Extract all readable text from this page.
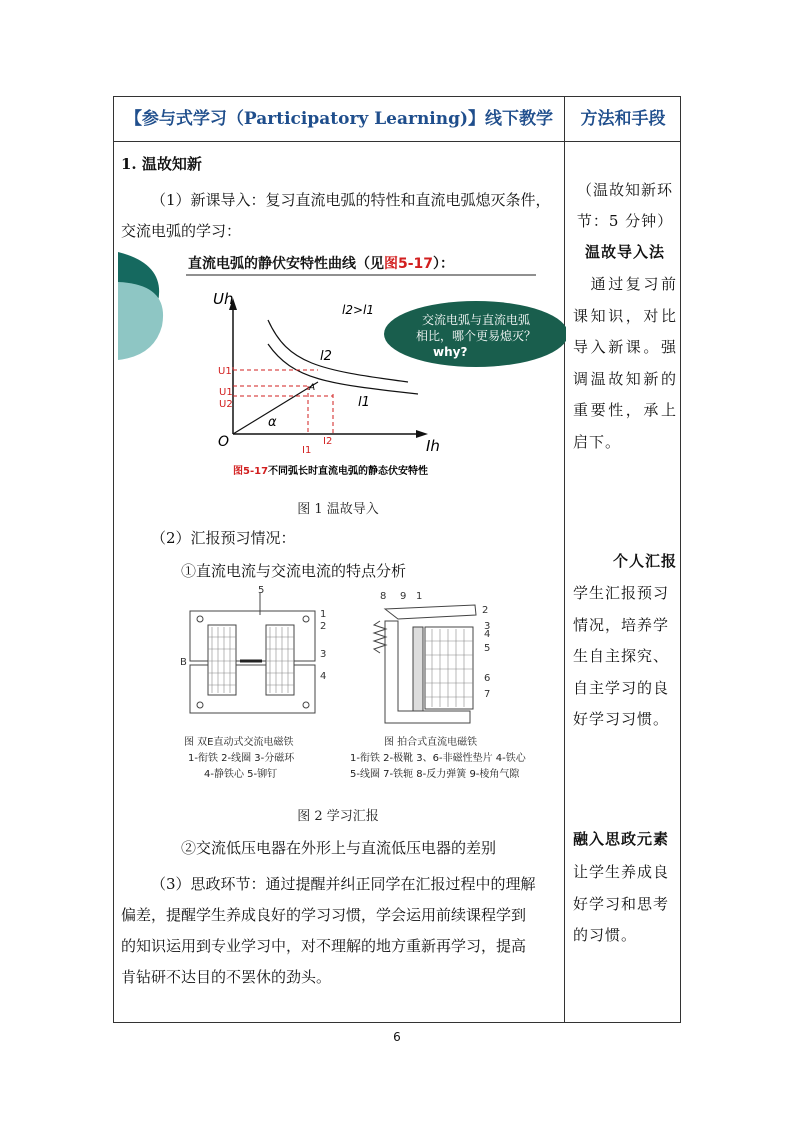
【参与式学习（Participatory Learning)】线下教学	方法和手段
（温故知新环
节：5 分钟）
温故导入法
　通过复习前课知识，对比导入新课。强调温故知新的重要性，承上启下。
个人汇报
学生汇报预习情况，培养学生自主探究、自主学习的良好学习习惯。
融入思政元素
让学生养成良好学习和思考的习惯。
1. 温故知新
（1）新课导入：复习直流电弧的特性和直流电弧熄灭条件，
交流电弧的学习：
直流电弧的静伏安特性曲线（见图5-17）：
Uh
Ih
O
l2>l1
l2
l1
α
A
U1'
U1
U2
I1
I2
交流电弧与直流电弧
相比，哪个更易熄灭？
why?
图5-17不同弧长时直流电弧的静态伏安特性
图 1 温故导入
（2）汇报预习情况：
①直流电流与交流电流的特点分析
5
1
2
3
4
B
8 9 1
2
3
4
5
6
7
图 双E直动式交流电磁铁
1-衔铁 2-线圈 3-分磁环
4-静铁心 5-铆钉
图 拍合式直流电磁铁
1-衔铁 2-极靴 3、6-非磁性垫片 4-铁心
5-线圈 7-铁轭 8-反力弹簧 9-棱角气隙
图 2 学习汇报
②交流低压电器在外形上与直流低压电器的差别
（3）思政环节：通过提醒并纠正同学在汇报过程中的理解
偏差，提醒学生养成良好的学习习惯，学会运用前续课程学到
的知识运用到专业学习中，对不理解的地方重新再学习，提高
肯钻研不达目的不罢休的劲头。
6
